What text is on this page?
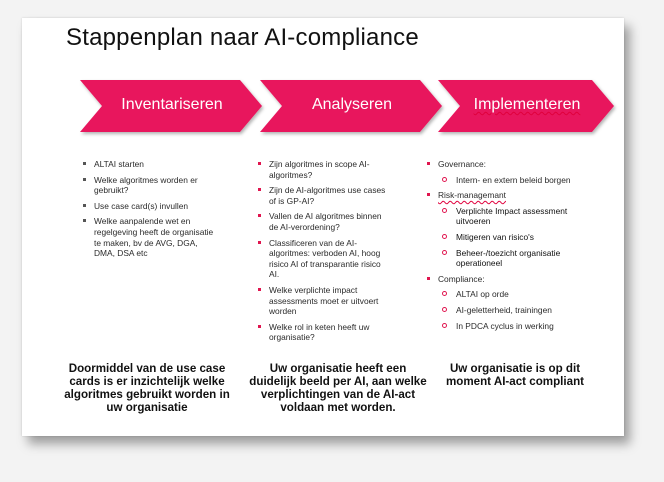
Stappenplan naar AI-compliance
Inventariseren	Analyseren	Implementeren
ALTAI starten
Welke algoritmes worden er gebruikt?
Use case card(s) invullen
Welke aanpalende wet en regelgeving heeft de organisatie te maken, bv de AVG, DGA, DMA, DSA etc
Zijn algoritmes in scope AI-algoritmes?
Zijn de AI-algoritmes use cases of is GP-AI?
Vallen de AI algoritmes binnen de AI-verordening?
Classificeren van de AI-algoritmes: verboden AI, hoog risico AI of transparantie risico AI.
Welke verplichte impact assessments moet er uitvoert worden
Welke rol in keten heeft uw organisatie?
Governance:
Intern- en extern beleid borgen
Risk-managemant
Verplichte Impact assessment uitvoeren
Mitigeren van risico's
Beheer-/toezicht organisatie operationeel
Compliance:
ALTAI op orde
AI-geletterheid, trainingen
In PDCA cyclus in werking
Doormiddel van de use case cards is er inzichtelijk welke algoritmes gebruikt worden in uw organisatie
Uw organisatie heeft een duidelijk beeld per AI, aan welke verplichtingen van de AI-act voldaan met worden.
Uw organisatie is op dit moment AI-act compliant
